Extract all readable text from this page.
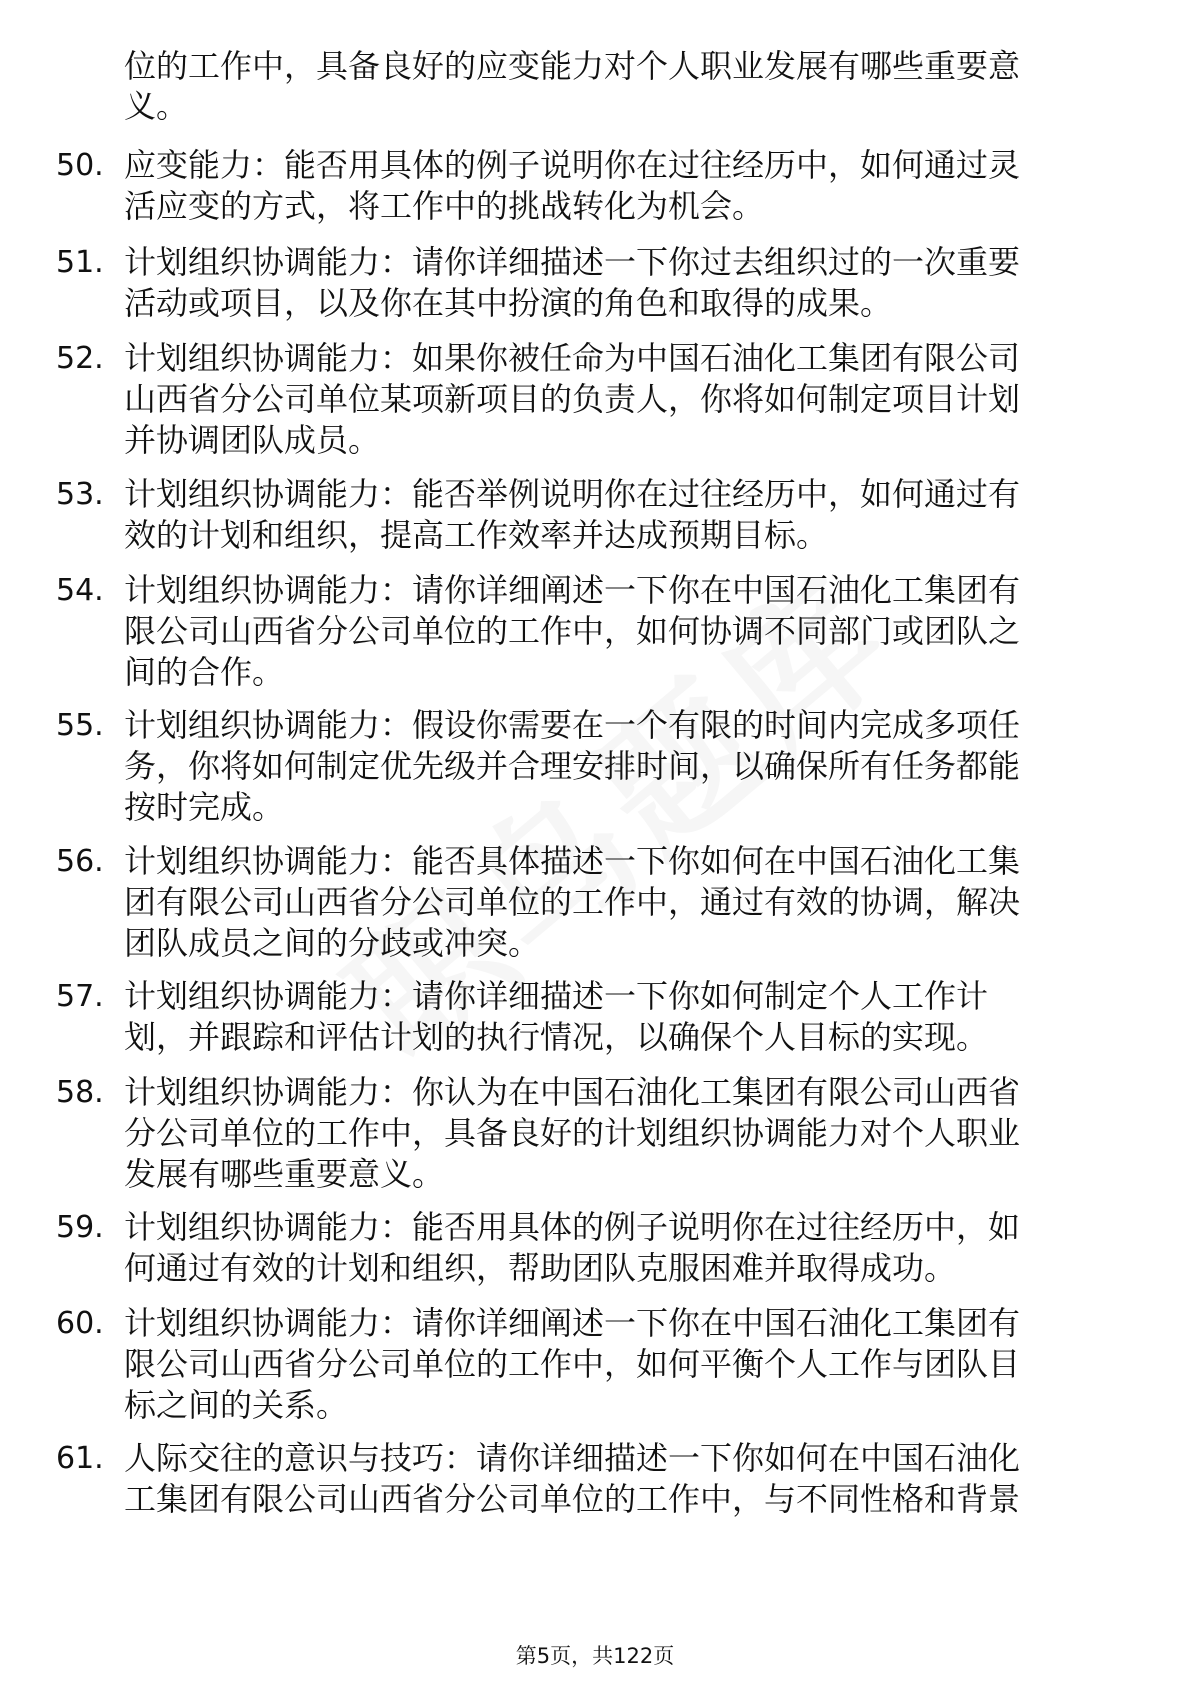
位的工作中，具备良好的应变能力对个人职业发展有哪些重要意
义。
50. 应变能力：能否用具体的例子说明你在过往经历中，如何通过灵
活应变的方式，将工作中的挑战转化为机会。
51. 计划组织协调能力：请你详细描述一下你过去组织过的一次重要
活动或项目，以及你在其中扮演的角色和取得的成果。
52. 计划组织协调能力：如果你被任命为中国石油化工集团有限公司
山西省分公司单位某项新项目的负责人，你将如何制定项目计划
并协调团队成员。
53. 计划组织协调能力：能否举例说明你在过往经历中，如何通过有
效的计划和组织，提高工作效率并达成预期目标。
54. 计划组织协调能力：请你详细阐述一下你在中国石油化工集团有
限公司山西省分公司单位的工作中，如何协调不同部门或团队之
间的合作。
55. 计划组织协调能力：假设你需要在一个有限的时间内完成多项任
务，你将如何制定优先级并合理安排时间，以确保所有任务都能
按时完成。
56. 计划组织协调能力：能否具体描述一下你如何在中国石油化工集
团有限公司山西省分公司单位的工作中，通过有效的协调，解决
团队成员之间的分歧或冲突。
57. 计划组织协调能力：请你详细描述一下你如何制定个人工作计
划，并跟踪和评估计划的执行情况，以确保个人目标的实现。
58. 计划组织协调能力：你认为在中国石油化工集团有限公司山西省
分公司单位的工作中，具备良好的计划组织协调能力对个人职业
发展有哪些重要意义。
59. 计划组织协调能力：能否用具体的例子说明你在过往经历中，如
何通过有效的计划和组织，帮助团队克服困难并取得成功。
60. 计划组织协调能力：请你详细阐述一下你在中国石油化工集团有
限公司山西省分公司单位的工作中，如何平衡个人工作与团队目
标之间的关系。
61. 人际交往的意识与技巧：请你详细描述一下你如何在中国石油化
工集团有限公司山西省分公司单位的工作中，与不同性格和背景
第5页，共122页
